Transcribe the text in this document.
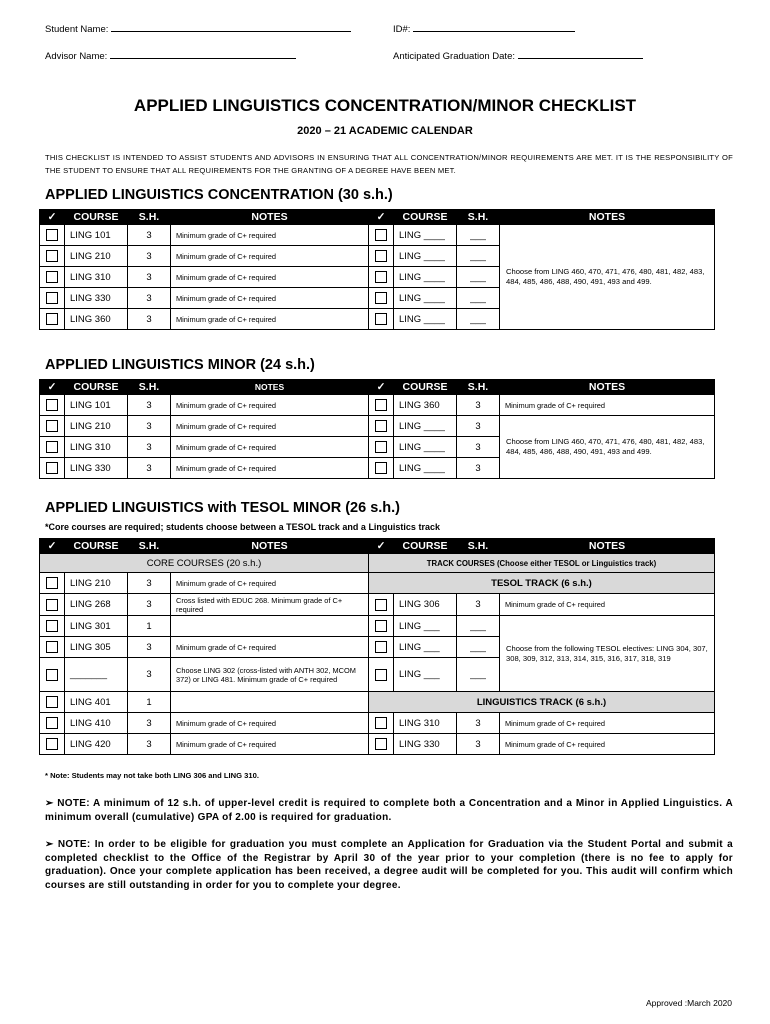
Student Name:	ID#:
Advisor Name:	Anticipated Graduation Date:
APPLIED LINGUISTICS CONCENTRATION/MINOR CHECKLIST
2020 – 21 ACADEMIC CALENDAR
THIS CHECKLIST IS INTENDED TO ASSIST STUDENTS AND ADVISORS IN ENSURING THAT ALL CONCENTRATION/MINOR REQUIREMENTS ARE MET. IT IS THE RESPONSIBILITY OF THE STUDENT TO ENSURE THAT ALL REQUIREMENTS FOR THE GRANTING OF A DEGREE HAVE BEEN MET.
APPLIED LINGUISTICS CONCENTRATION (30 s.h.)
✓	COURSE	S.H.	NOTES	✓	COURSE	S.H.	NOTES
	LING 101	3	Minimum grade of C+ required		LING ____	___	Choose from LING 460, 470, 471, 476, 480, 481, 482, 483, 484, 485, 486, 488, 490, 491, 493 and 499.
	LING 210	3	Minimum grade of C+ required		LING ____	___	
	LING 310	3	Minimum grade of C+ required		LING ____	___	
	LING 330	3	Minimum grade of C+ required		LING ____	___	
	LING 360	3	Minimum grade of C+ required		LING ____	___	
APPLIED LINGUISTICS MINOR (24 s.h.)
✓	COURSE	S.H.	NOTES	✓	COURSE	S.H.	NOTES
	LING 101	3	Minimum grade of C+ required		LING 360	3	Minimum grade of C+ required
	LING 210	3	Minimum grade of C+ required		LING ____	3	Choose from LING 460, 470, 471, 476, 480, 481, 482, 483, 484, 485, 486, 488, 490, 491, 493 and 499.
	LING 310	3	Minimum grade of C+ required		LING ____	3	
	LING 330	3	Minimum grade of C+ required		LING ____	3	
APPLIED LINGUISTICS with TESOL MINOR (26 s.h.)
*Core courses are required; students choose between a TESOL track and a Linguistics track
✓	COURSE	S.H.	NOTES	✓	COURSE	S.H.	NOTES
CORE COURSES (20 s.h.)				TRACK COURSES (Choose either TESOL or Linguistics track)			
	LING 210	3	Minimum grade of C+ required	TESOL TRACK (6 s.h.)			
	LING 268	3	Cross listed with EDUC 268. Minimum grade of C+ required		LING 306	3	Minimum grade of C+ required
	LING 301	1			LING ___	___	Choose from the following TESOL electives: LING 304, 307, 308, 309, 312, 313, 314, 315, 316, 317, 318, 319
	LING 305	3	Minimum grade of C+ required		LING ___	___	
	_______	3	Choose LING 302 (cross-listed with ANTH 302, MCOM 372) or LING 481. Minimum grade of C+ required		LING ___	___	
	LING 401	1		LINGUISTICS TRACK (6 s.h.)			
	LING 410	3	Minimum grade of C+ required		LING 310	3	Minimum grade of C+ required
	LING 420	3	Minimum grade of C+ required		LING 330	3	Minimum grade of C+ required
* Note: Students may not take both LING 306 and LING 310.
➢ NOTE: A minimum of 12 s.h. of upper-level credit is required to complete both a Concentration and a Minor in Applied Linguistics. A minimum overall (cumulative) GPA of 2.00 is required for graduation.
➢ NOTE: In order to be eligible for graduation you must complete an Application for Graduation via the Student Portal and submit a completed checklist to the Office of the Registrar by April 30 of the year prior to your completion (there is no fee to apply for graduation). Once your complete application has been received, a degree audit will be completed for you. This audit will confirm which courses are still outstanding in order for you to complete your degree.
Approved :March 2020
